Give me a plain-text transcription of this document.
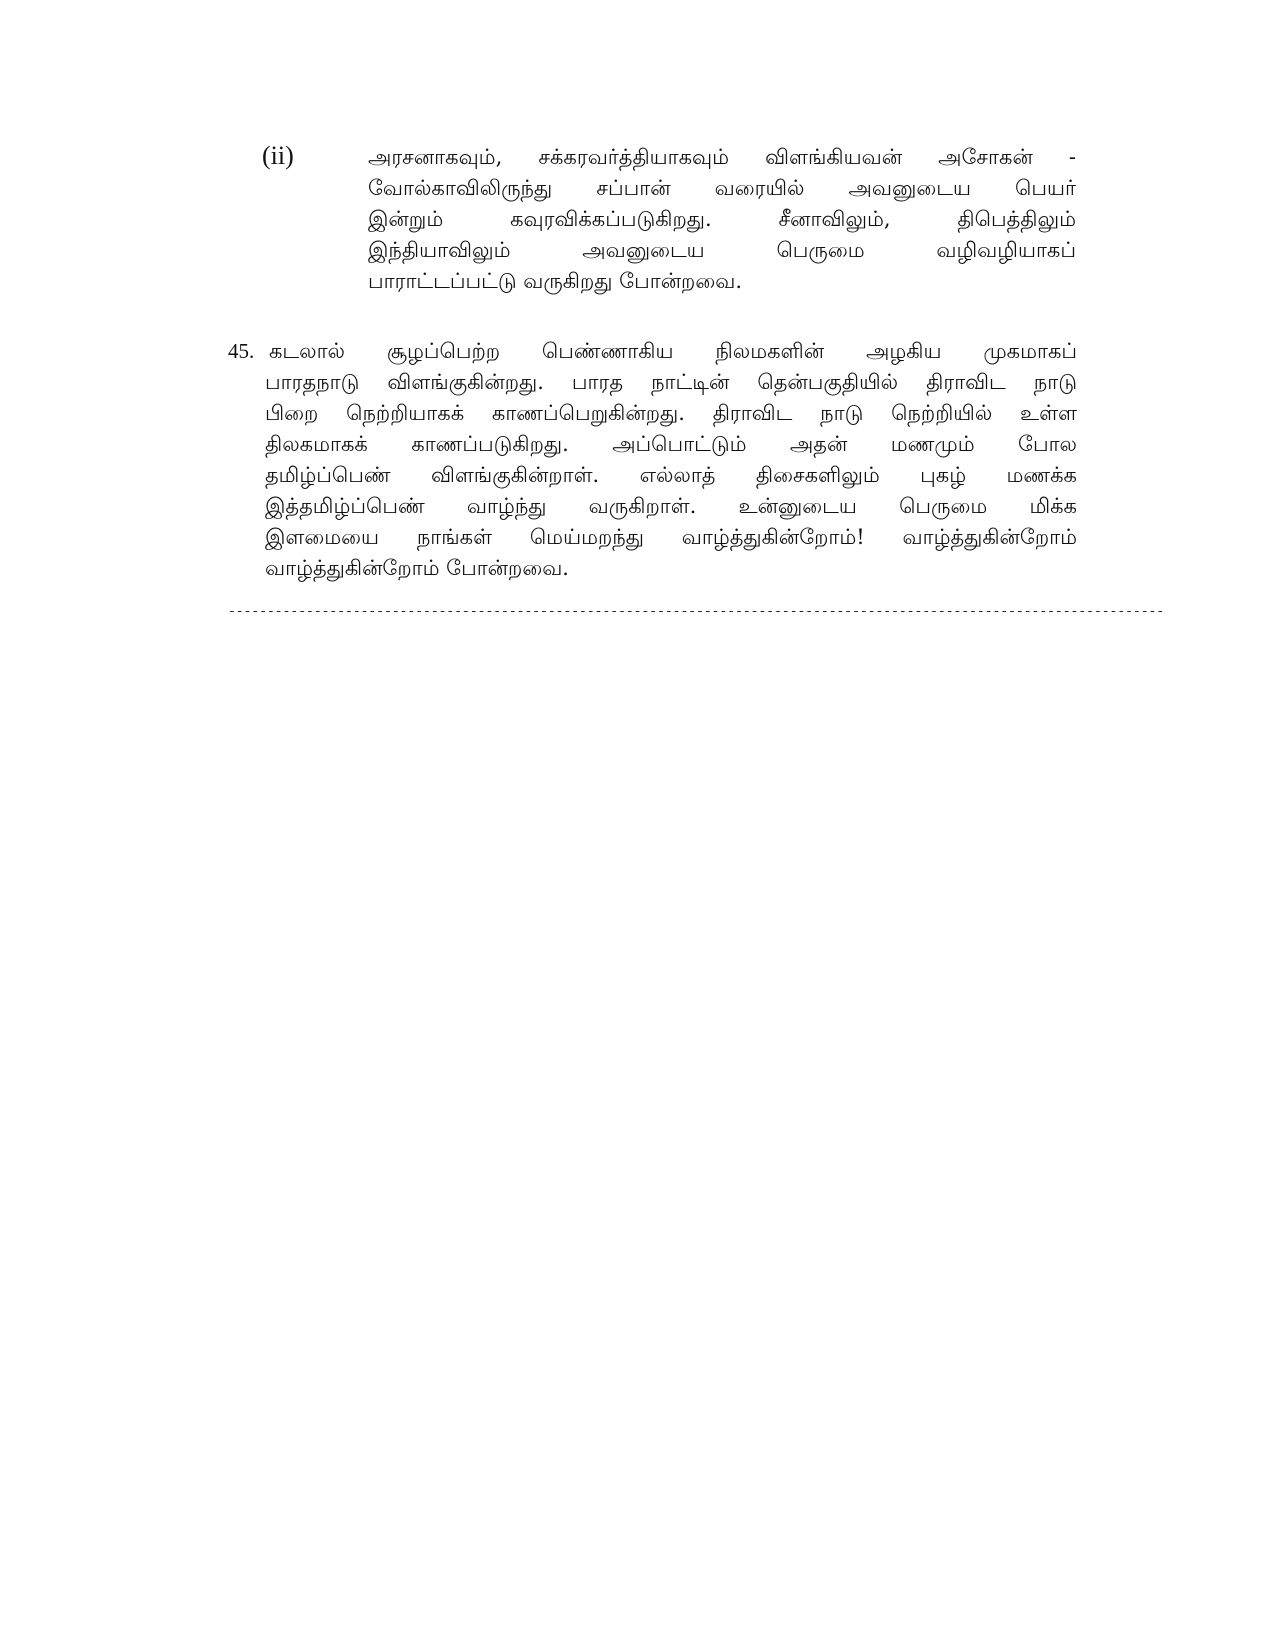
(ii)	அரசனாகவும், சக்கரவர்த்தியாகவும் விளங்கியவன் அசோகன் -
வோல்காவிலிருந்து சப்பான் வரையில் அவனுடைய பெயர்
இன்றும் கவுரவிக்கப்படுகிறது. சீனாவிலும், திபெத்திலும்
இந்தியாவிலும் அவனுடைய பெருமை வழிவழியாகப்
பாராட்டப்பட்டு வருகிறது போன்றவை.
45. கடலால் சூழப்பெற்ற பெண்ணாகிய நிலமகளின் அழகிய முகமாகப்
பாரதநாடு விளங்குகின்றது. பாரத நாட்டின் தென்பகுதியில் திராவிட நாடு
பிறை நெற்றியாகக் காணப்பெறுகின்றது. திராவிட நாடு நெற்றியில் உள்ள
திலகமாகக் காணப்படுகிறது. அப்பொட்டும் அதன் மணமும் போல
தமிழ்ப்பெண் விளங்குகின்றாள். எல்லாத் திசைகளிலும் புகழ் மணக்க
இத்தமிழ்ப்பெண் வாழ்ந்து வருகிறாள். உன்னுடைய பெருமை மிக்க
இளமையை நாங்கள் மெய்மறந்து வாழ்த்துகின்றோம்! வாழ்த்துகின்றோம்
வாழ்த்துகின்றோம் போன்றவை.
------------------------------------------------------------------------------------------------------------------------
